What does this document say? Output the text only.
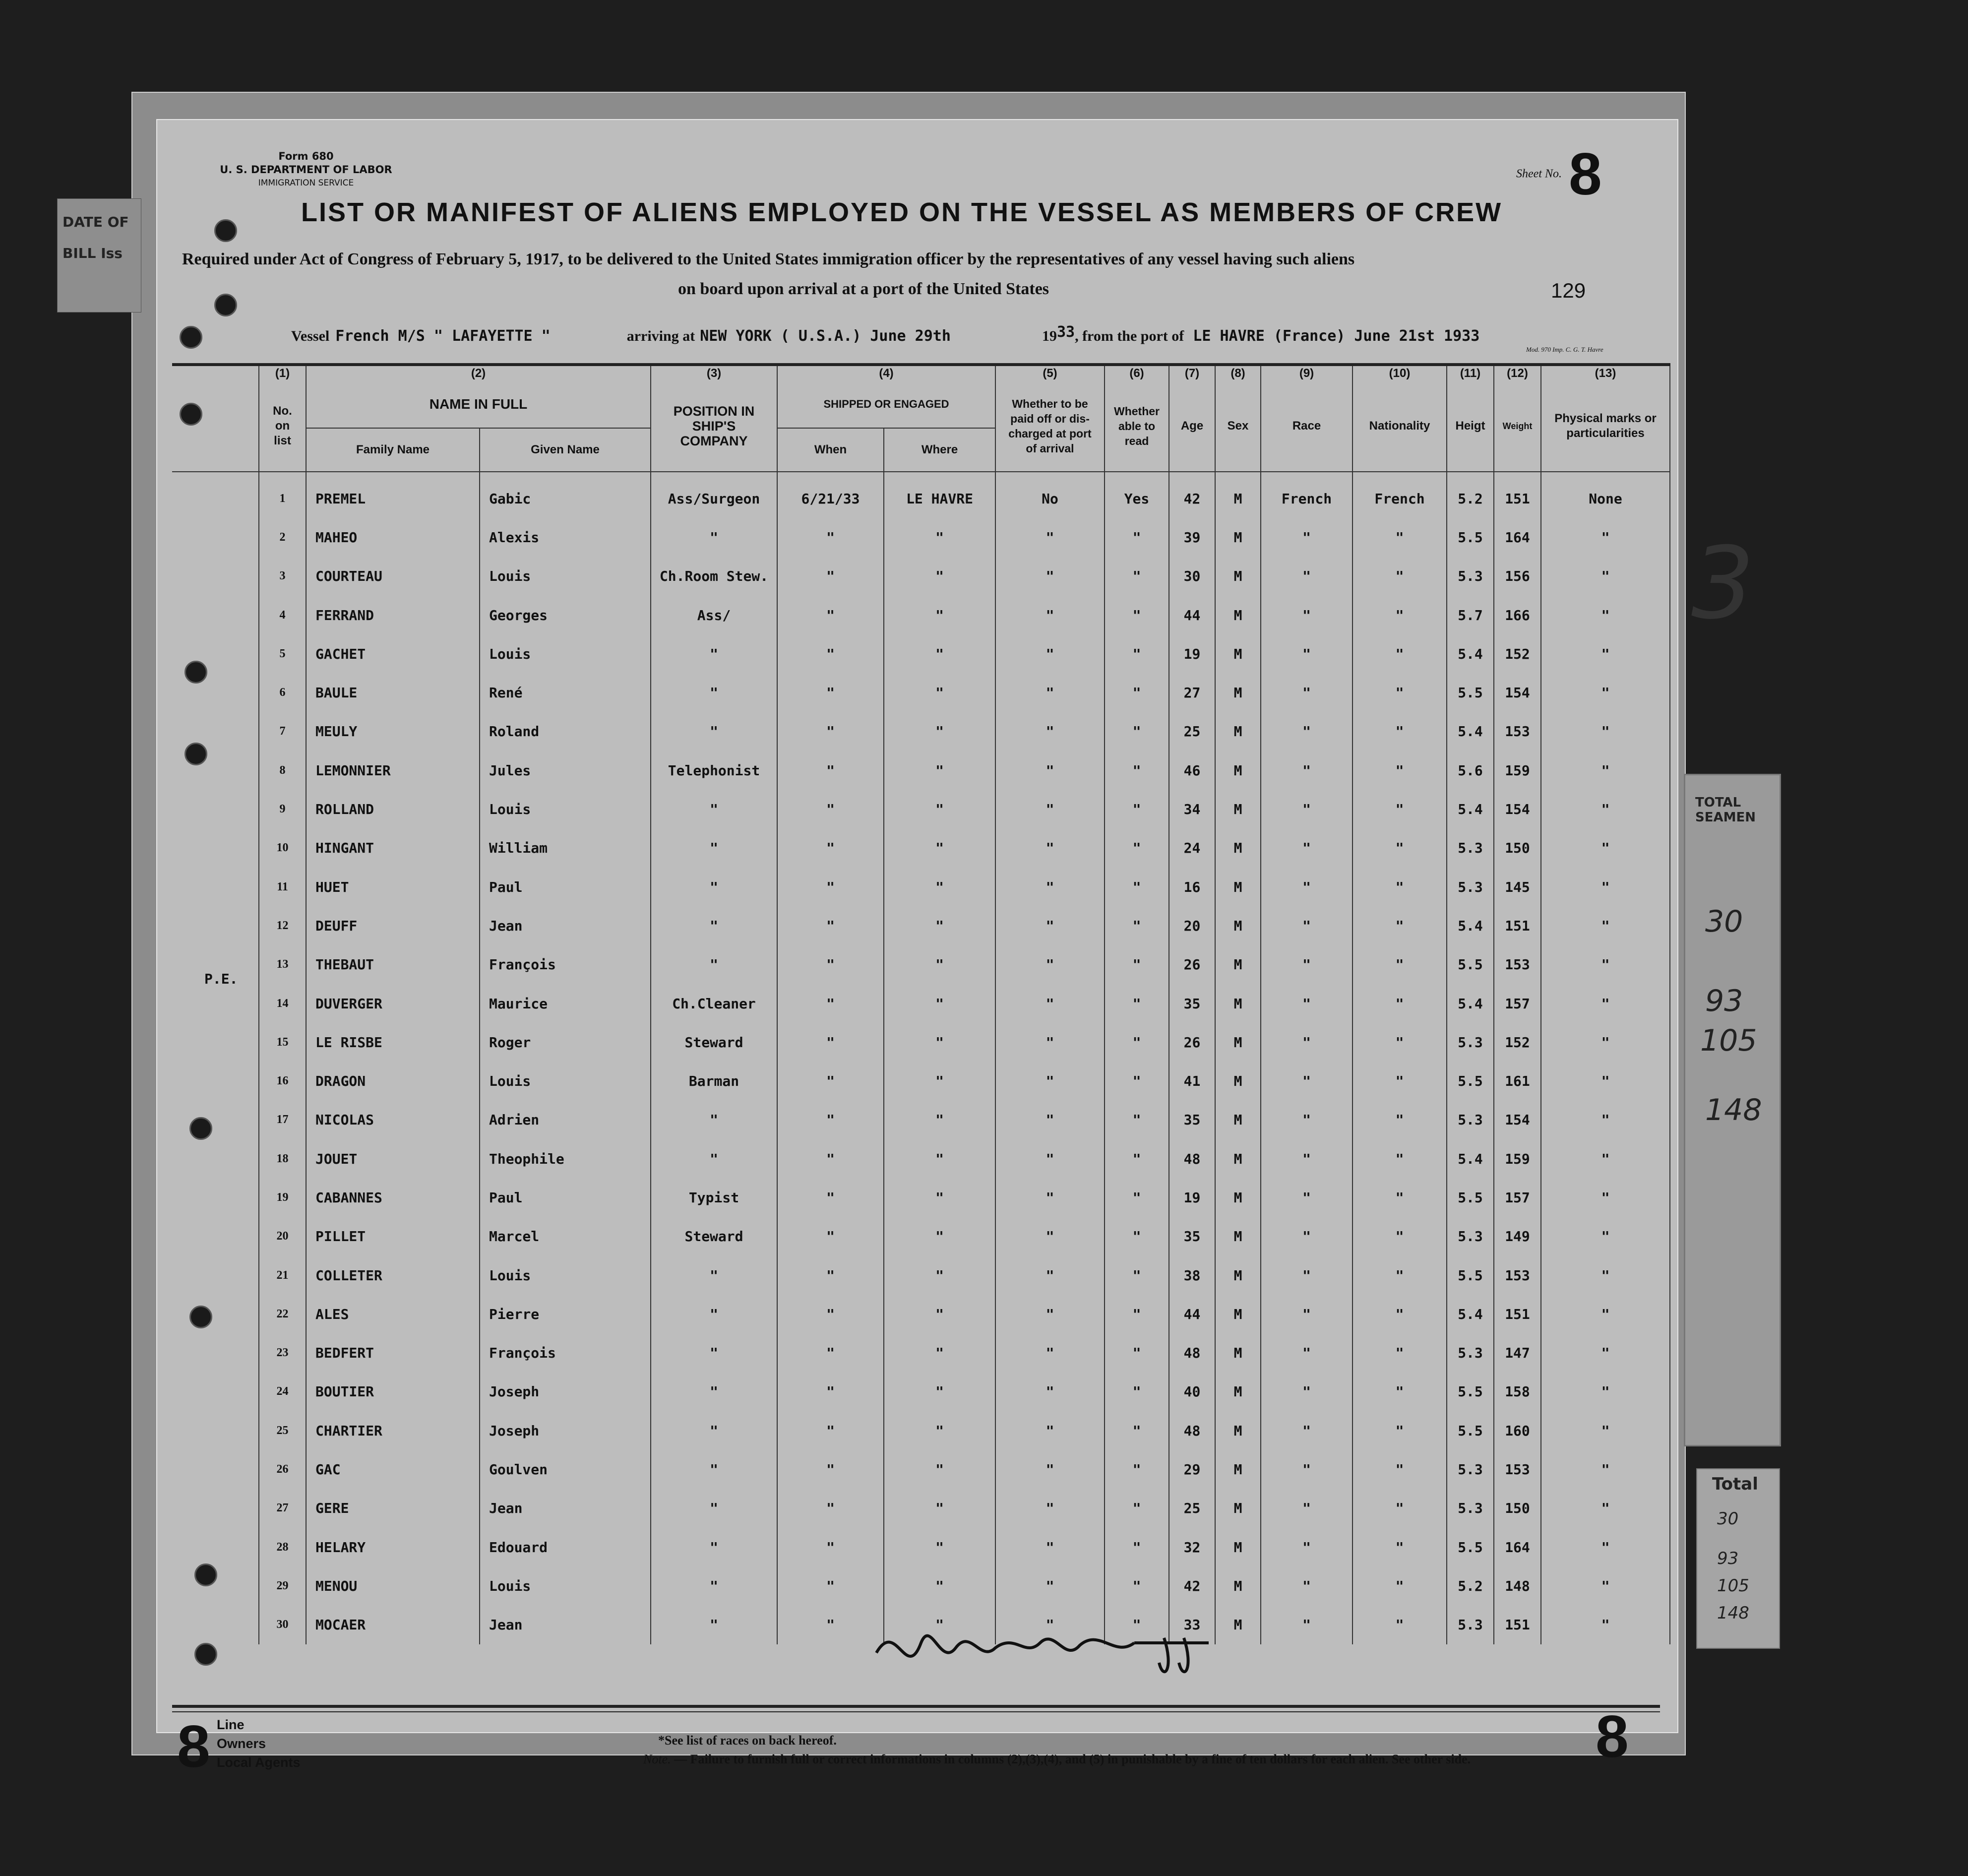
DATE OF
BILL Iss
TOTAL SEAMEN
30
93
105
148
Total
30
93
105
148
3
Form 680
U. S. DEPARTMENT OF LABOR
IMMIGRATION SERVICE
Sheet No. 8
LIST OR MANIFEST OF ALIENS EMPLOYED ON THE VESSEL AS MEMBERS OF CREW
Required under Act of Congress of February 5, 1917, to be delivered to the United States immigration officer by the representatives of any vessel having such aliens
on board upon arrival at a port of the United States	129
Vessel French M/S " LAFAYETTE "	arriving at NEW YORK ( U.S.A.) June 29th	1933, from the port of LE HAVRE (France) June 21st 1933
Mod. 970 Imp. C. G. T. Havre
P.E.
	(1)	(2)		(3)	(4)		(5)	(6)	(7)	(8)	(9)	(10)	(11)	(12)	(13)
	No. on list	NAME IN FULL		POSITION IN SHIP'S COMPANY	SHIPPED OR ENGAGED		Whether to be paid off or dis-charged at port of arrival	Whether able to read	Age	Sex	Race	Nationality	Heigt	Weight	Physical marks or particularities
		Family Name	Given Name		When	Where									
	1	PREMEL	Gabic	Ass/Surgeon	6/21/33	LE HAVRE	No	Yes	42	M	French	French	5.2	151	None
	2	MAHEO	Alexis	"	"	"	"	"	39	M	"	"	5.5	164	"
	3	COURTEAU	Louis	Ch.Room Stew.	"	"	"	"	30	M	"	"	5.3	156	"
	4	FERRAND	Georges	Ass/	"	"	"	"	44	M	"	"	5.7	166	"
	5	GACHET	Louis	"	"	"	"	"	19	M	"	"	5.4	152	"
	6	BAULE	René	"	"	"	"	"	27	M	"	"	5.5	154	"
	7	MEULY	Roland	"	"	"	"	"	25	M	"	"	5.4	153	"
	8	LEMONNIER	Jules	Telephonist	"	"	"	"	46	M	"	"	5.6	159	"
	9	ROLLAND	Louis	"	"	"	"	"	34	M	"	"	5.4	154	"
	10	HINGANT	William	"	"	"	"	"	24	M	"	"	5.3	150	"
	11	HUET	Paul	"	"	"	"	"	16	M	"	"	5.3	145	"
	12	DEUFF	Jean	"	"	"	"	"	20	M	"	"	5.4	151	"
	13	THEBAUT	François	"	"	"	"	"	26	M	"	"	5.5	153	"
	14	DUVERGER	Maurice	Ch.Cleaner	"	"	"	"	35	M	"	"	5.4	157	"
	15	LE RISBE	Roger	Steward	"	"	"	"	26	M	"	"	5.3	152	"
	16	DRAGON	Louis	Barman	"	"	"	"	41	M	"	"	5.5	161	"
	17	NICOLAS	Adrien	"	"	"	"	"	35	M	"	"	5.3	154	"
	18	JOUET	Theophile	"	"	"	"	"	48	M	"	"	5.4	159	"
	19	CABANNES	Paul	Typist	"	"	"	"	19	M	"	"	5.5	157	"
	20	PILLET	Marcel	Steward	"	"	"	"	35	M	"	"	5.3	149	"
	21	COLLETER	Louis	"	"	"	"	"	38	M	"	"	5.5	153	"
	22	ALES	Pierre	"	"	"	"	"	44	M	"	"	5.4	151	"
	23	BEDFERT	François	"	"	"	"	"	48	M	"	"	5.3	147	"
	24	BOUTIER	Joseph	"	"	"	"	"	40	M	"	"	5.5	158	"
	25	CHARTIER	Joseph	"	"	"	"	"	48	M	"	"	5.5	160	"
	26	GAC	Goulven	"	"	"	"	"	29	M	"	"	5.3	153	"
	27	GERE	Jean	"	"	"	"	"	25	M	"	"	5.3	150	"
	28	HELARY	Edouard	"	"	"	"	"	32	M	"	"	5.5	164	"
	29	MENOU	Louis	"	"	"	"	"	42	M	"	"	5.2	148	"
	30	MOCAER	Jean	"	"	"	"	"	33	M	"	"	5.3	151	"
8 Line
Owners
Local Agents
*See list of races on back hereof.
Note. — Failure to furnish full or correct informations in columns (2),(3),(4), and (5) in punishable by a fine of ten dollars for each alien. See other side. 8
